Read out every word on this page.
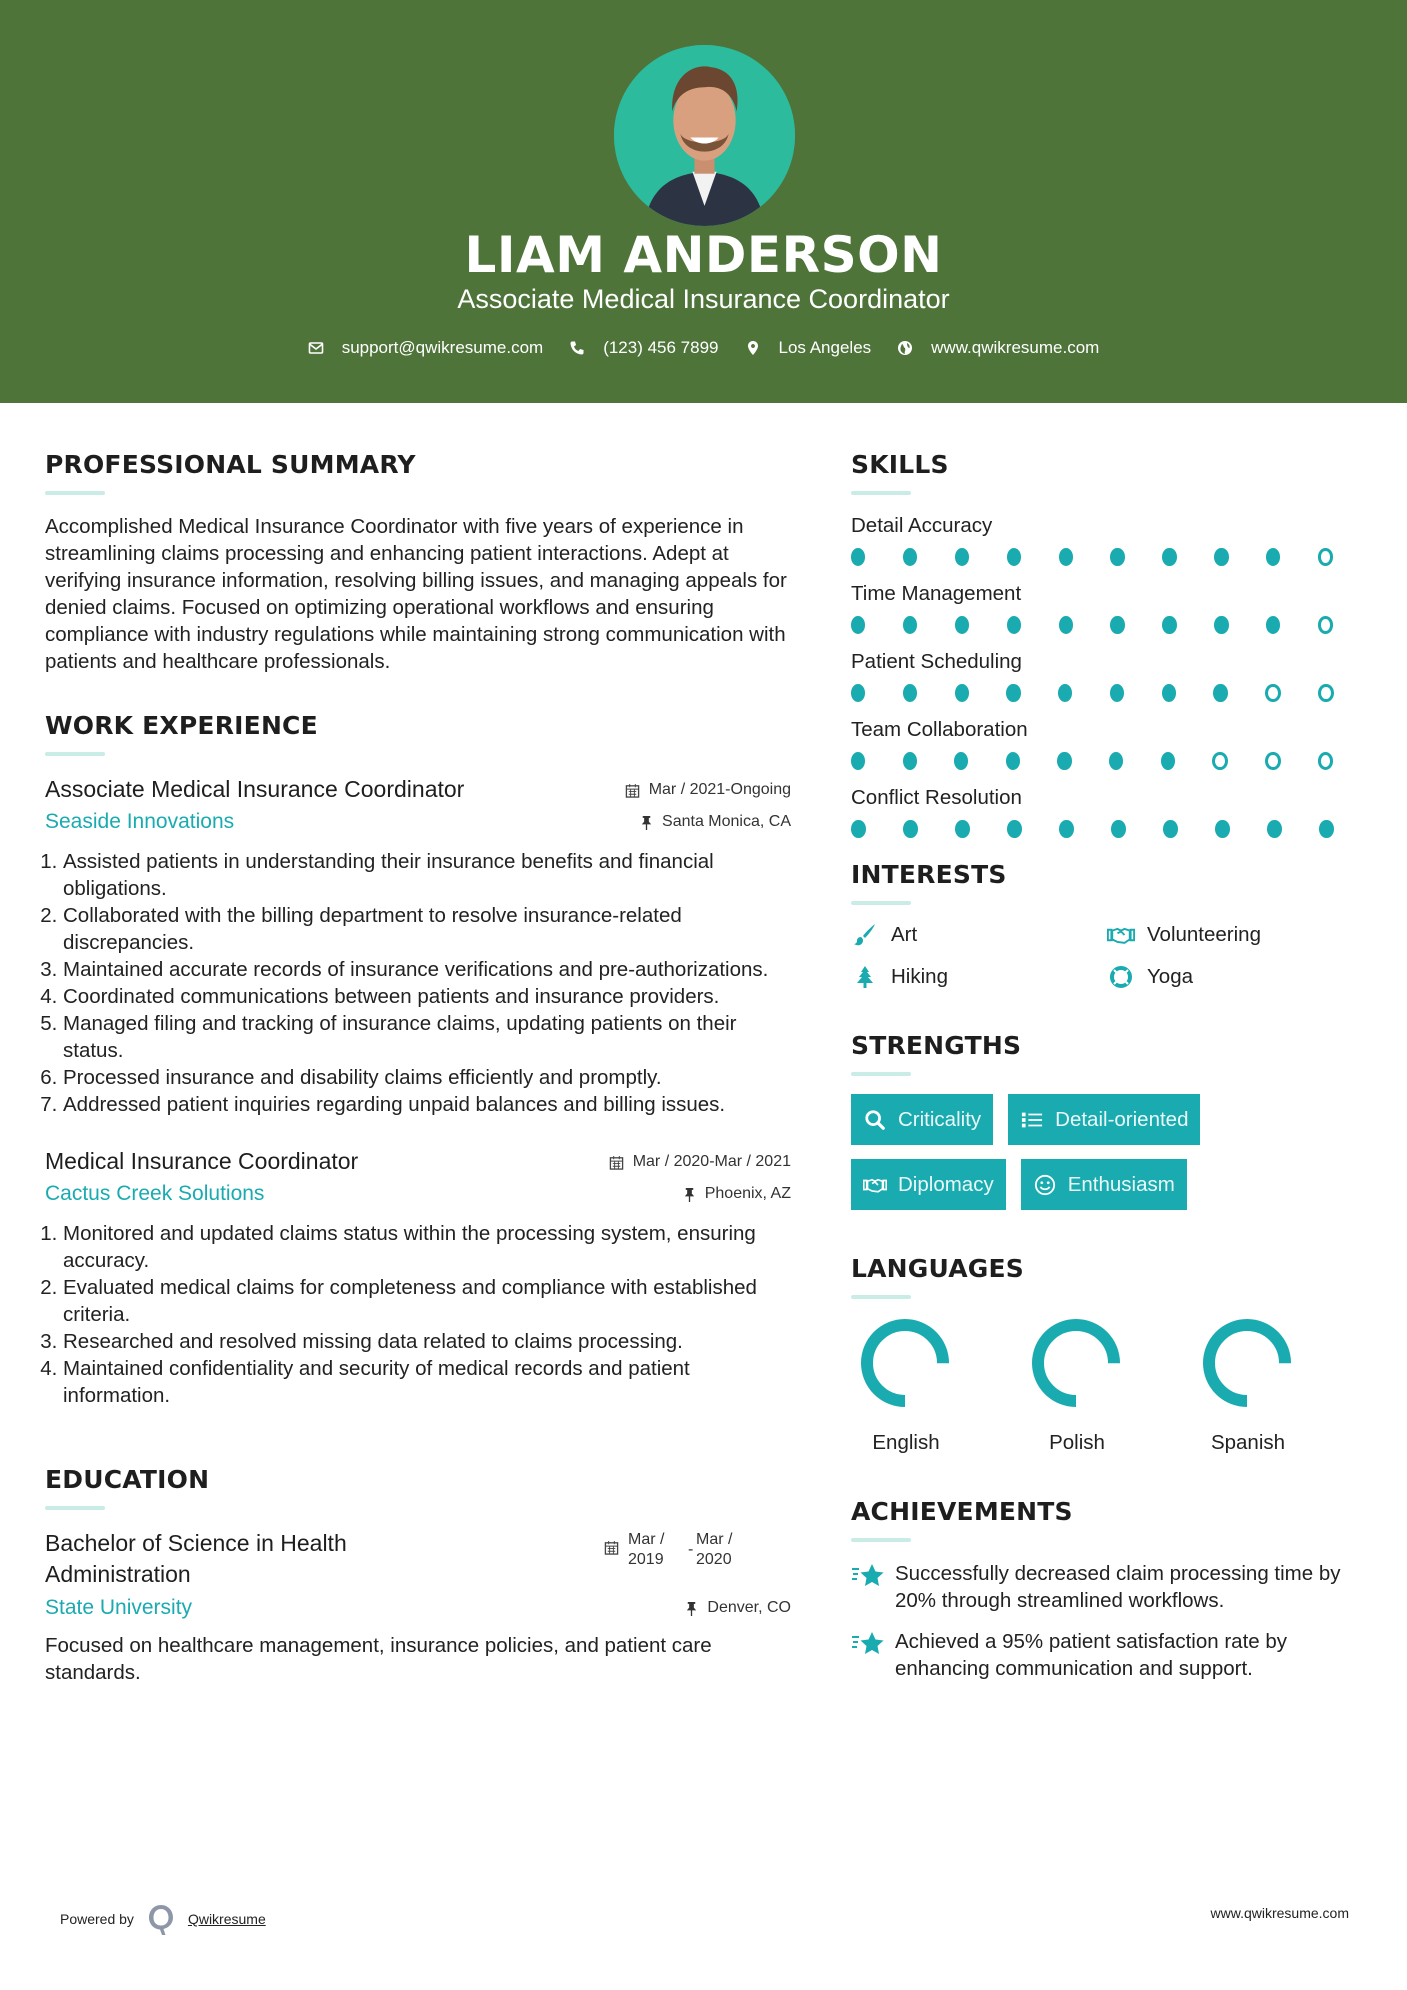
LIAM ANDERSON
Associate Medical Insurance Coordinator
support@qwikresume.com	(123) 456 7899	Los Angeles	www.qwikresume.com
PROFESSIONAL SUMMARY
Accomplished Medical Insurance Coordinator with five years of experience in streamlining claims processing and enhancing patient interactions. Adept at verifying insurance information, resolving billing issues, and managing appeals for denied claims. Focused on optimizing operational workflows and ensuring compliance with industry regulations while maintaining strong communication with patients and healthcare professionals.
WORK EXPERIENCE
Associate Medical Insurance Coordinator	Mar / 2021-Ongoing
Seaside Innovations	Santa Monica, CA
1. Assisted patients in understanding their insurance benefits and financial obligations.
2. Collaborated with the billing department to resolve insurance-related discrepancies.
3. Maintained accurate records of insurance verifications and pre-authorizations.
4. Coordinated communications between patients and insurance providers.
5. Managed filing and tracking of insurance claims, updating patients on their status.
6. Processed insurance and disability claims efficiently and promptly.
7. Addressed patient inquiries regarding unpaid balances and billing issues.
Medical Insurance Coordinator	Mar / 2020-Mar / 2021
Cactus Creek Solutions	Phoenix, AZ
1. Monitored and updated claims status within the processing system, ensuring accuracy.
2. Evaluated medical claims for completeness and compliance with established criteria.
3. Researched and resolved missing data related to claims processing.
4. Maintained confidentiality and security of medical records and patient information.
EDUCATION
Bachelor of Science in Health Administration
Mar / 2019
-
Mar / 2020
State University	Denver, CO
Focused on healthcare management, insurance policies, and patient care standards.
SKILLS
Detail Accuracy
Time Management
Patient Scheduling
Team Collaboration
Conflict Resolution
INTERESTS
Art	Volunteering
Hiking	Yoga
STRENGTHS
Criticality	Detail-oriented
Diplomacy	Enthusiasm
LANGUAGES
English	Polish	Spanish
ACHIEVEMENTS
Successfully decreased claim processing time by 20% through streamlined workflows.
Achieved a 95% patient satisfaction rate by enhancing communication and support.
Powered by	Qwikresume	www.qwikresume.com
